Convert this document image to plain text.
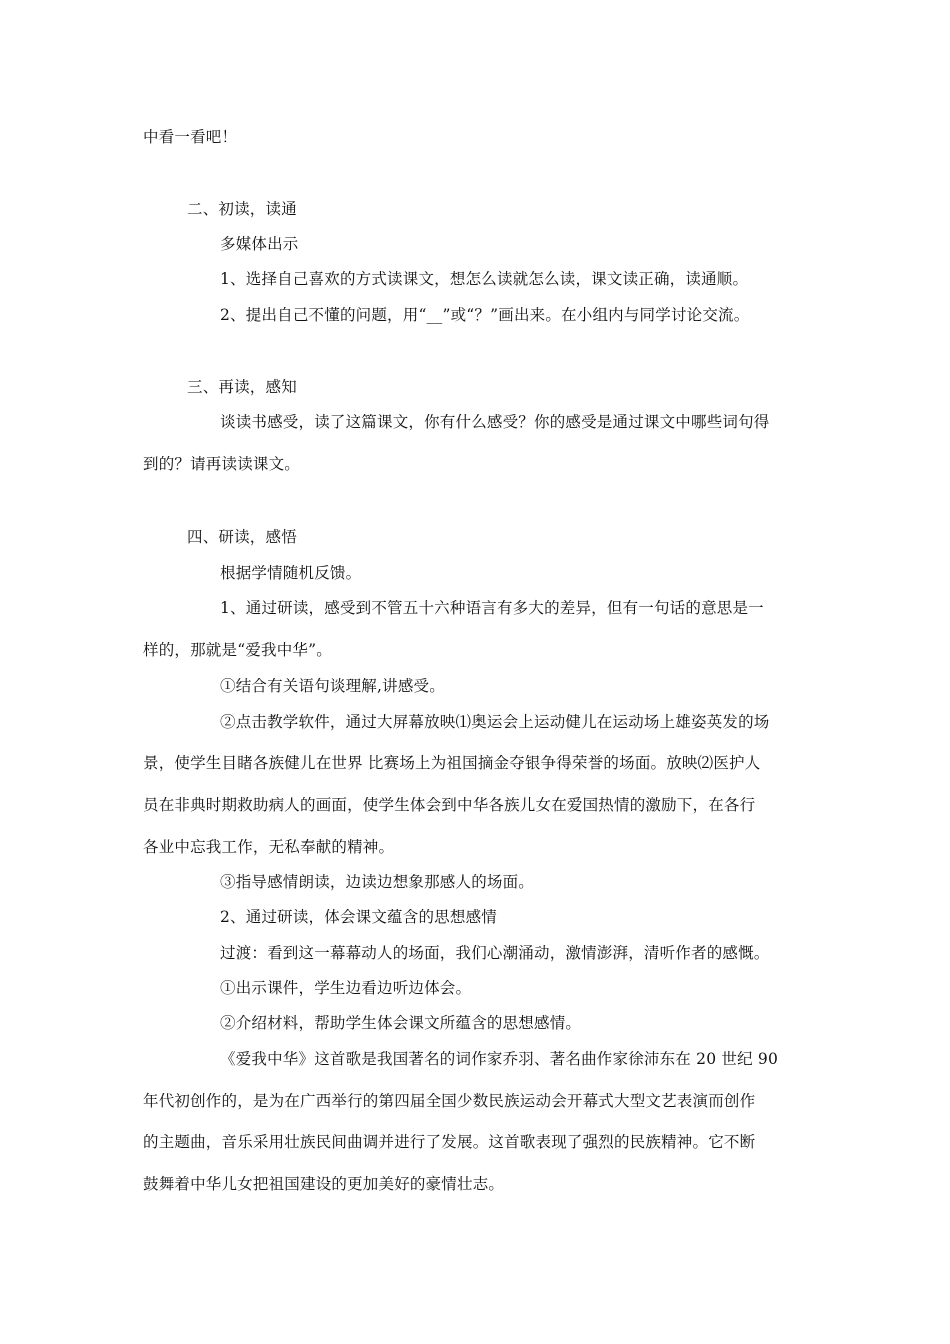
中看一看吧！
二、初读，读通
多媒体出示
1、选择自己喜欢的方式读课文，想怎么读就怎么读，课文读正确，读通顺。
2、提出自己不懂的问题，用“__”或“？”画出来。在小组内与同学讨论交流。
三、再读，感知
谈读书感受，读了这篇课文，你有什么感受？你的感受是通过课文中哪些词句得
到的？请再读读课文。
四、研读，感悟
根据学情随机反馈。
1、通过研读，感受到不管五十六种语言有多大的差异，但有一句话的意思是一
样的，那就是“爱我中华”。
①结合有关语句谈理解,讲感受。
②点击教学软件，通过大屏幕放映⑴奥运会上运动健儿在运动场上雄姿英发的场
景，使学生目睹各族健儿在世界 比赛场上为祖国摘金夺银争得荣誉的场面。放映⑵医护人
员在非典时期救助病人的画面，使学生体会到中华各族儿女在爱国热情的激励下，在各行
各业中忘我工作，无私奉献的精神。
③指导感情朗读，边读边想象那感人的场面。
2、通过研读，体会课文蕴含的思想感情
过渡：看到这一幕幕动人的场面，我们心潮涌动，激情澎湃，清听作者的感慨。
①出示课件，学生边看边听边体会。
②介绍材料，帮助学生体会课文所蕴含的思想感情。
《爱我中华》这首歌是我国著名的词作家乔羽、著名曲作家徐沛东在 20 世纪 90
年代初创作的，是为在广西举行的第四届全国少数民族运动会开幕式大型文艺表演而创作
的主题曲，音乐采用壮族民间曲调并进行了发展。这首歌表现了强烈的民族精神。它不断
鼓舞着中华儿女把祖国建设的更加美好的豪情壮志。
